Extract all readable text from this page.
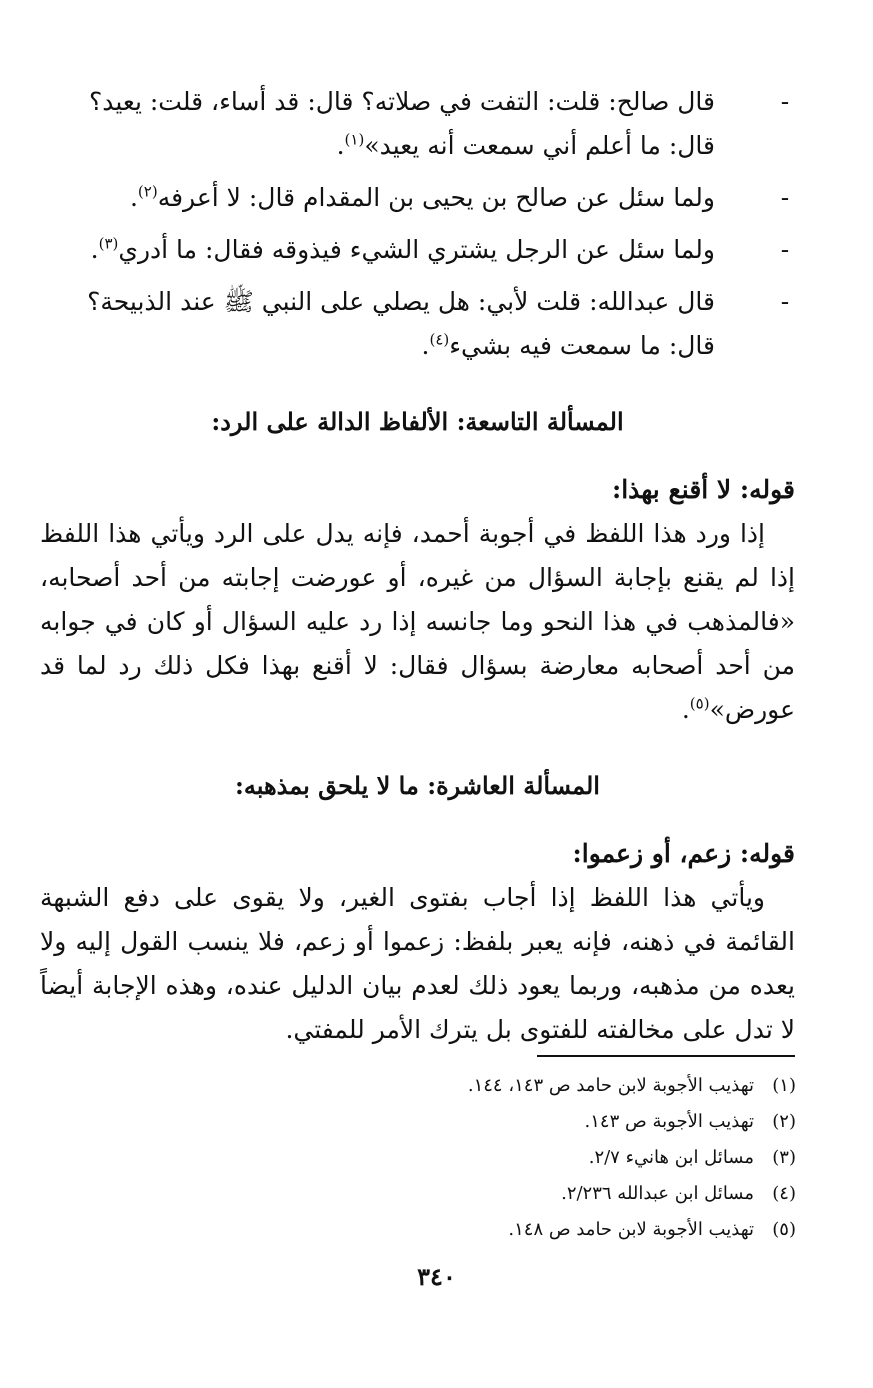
-
قال صالح: قلت: التفت في صلاته؟ قال: قد أساء، قلت: يعيد؟ قال: ما أعلم أني سمعت أنه يعيد»$^{(١)}$.
-
ولما سئل عن صالح بن يحيى بن المقدام قال: لا أعرفه$^{(٢)}$.
-
ولما سئل عن الرجل يشتري الشيء فيذوقه فقال: ما أدري$^{(٣)}$.
-
قال عبدالله: قلت لأبي: هل يصلي على النبي ﷺ عند الذبيحة؟ قال: ما سمعت فيه بشيء$^{(٤)}$.
المسألة التاسعة: الألفاظ الدالة على الرد:
قوله: لا أقنع بهذا:
إذا ورد هذا اللفظ في أجوبة أحمد، فإنه يدل على الرد ويأتي هذا اللفظ إذا لم يقنع بإجابة السؤال من غيره، أو عورضت إجابته من أحد أصحابه، «فالمذهب في هذا النحو وما جانسه إذا رد عليه السؤال أو كان في جوابه من أحد أصحابه معارضة بسؤال فقال: لا أقنع بهذا فكل ذلك رد لما قد عورض»$^{(٥)}$.
المسألة العاشرة: ما لا يلحق بمذهبه:
قوله: زعم، أو زعموا:
ويأتي هذا اللفظ إذا أجاب بفتوى الغير، ولا يقوى على دفع الشبهة القائمة في ذهنه، فإنه يعبر بلفظ: زعموا أو زعم، فلا ينسب القول إليه ولا يعده من مذهبه، وربما يعود ذلك لعدم بيان الدليل عنده، وهذه الإجابة أيضاً لا تدل على مخالفته للفتوى بل يترك الأمر للمفتي.
(١)تهذيب الأجوبة لابن حامد ص ١٤٣، ١٤٤.
(٢)تهذيب الأجوبة ص ١٤٣.
(٣)مسائل ابن هانيء ٢/٧.
(٤)مسائل ابن عبدالله ٢/٢٣٦.
(٥)تهذيب الأجوبة لابن حامد ص ١٤٨.
٣٤٠
